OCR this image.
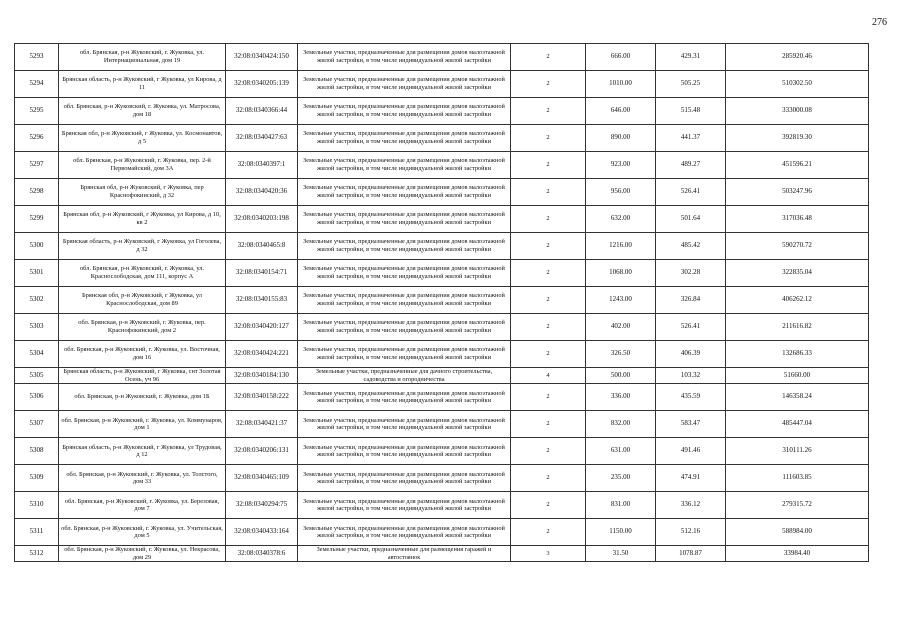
276
5293	обл. Брянская, р-н Жуковский, г. Жуковка, ул. Интернациональная, дом 19	32:08:0340424:150	Земельные участки, предназначенные для размещения домов малоэтажной жилой застройки, в том числе индивидуальной жилой застройки	2	666.00	429.31	285920.46
5294	Брянская область, р-н Жуковский, г Жуковка, ул Кирова, д 11	32:08:0340205:139	Земельные участки, предназначенные для размещения домов малоэтажной жилой застройки, в том числе индивидуальной жилой застройки	2	1010.00	505.25	510302.50
5295	обл. Брянская, р-н Жуковский, г. Жуковка, ул. Матросова, дом 18	32:08:0340366:44	Земельные участки, предназначенные для размещения домов малоэтажной жилой застройки, в том числе индивидуальной жилой застройки	2	646.00	515.48	333000.08
5296	Брянская обл, р-н Жуковский, г Жуковка, ул. Космонавтов, д 5	32:08:0340427:63	Земельные участки, предназначенные для размещения домов малоэтажной жилой застройки, в том числе индивидуальной жилой застройки	2	890.00	441.37	392819.30
5297	обл. Брянская, р-н Жуковский, г. Жуковка, пер. 2-й Первомайский, дом 3А	32:08:0340397:1	Земельные участки, предназначенные для размещения домов малоэтажной жилой застройки, в том числе индивидуальной жилой застройки	2	923.00	489.27	451596.21
5298	Брянская обл, р-н Жуковский, г Жуковка, пер Краснофокинский, д 32	32:08:0340420:36	Земельные участки, предназначенные для размещения домов малоэтажной жилой застройки, в том числе индивидуальной жилой застройки	2	956.00	526.41	503247.96
5299	Брянская обл, р-н Жуковский, г Жуковка, ул Кирова, д 10, кв 2	32:08:0340203:198	Земельные участки, предназначенные для размещения домов малоэтажной жилой застройки, в том числе индивидуальной жилой застройки	2	632.00	501.64	317036.48
5300	Брянская область, р-н Жуковский, г Жуковка, ул Гоголева, д 32	32:08:0340465:8	Земельные участки, предназначенные для размещения домов малоэтажной жилой застройки, в том числе индивидуальной жилой застройки	2	1216.00	485.42	590270.72
5301	обл. Брянская, р-н Жуковский, г. Жуковка, ул. Краснослободская, дом 111, корпус А	32:08:0340154:71	Земельные участки, предназначенные для размещения домов малоэтажной жилой застройки, в том числе индивидуальной жилой застройки	2	1068.00	302.28	322835.04
5302	Брянская обл, р-н Жуковский, г Жуковка, ул Краснослободская, дом 89	32:08:0340155:83	Земельные участки, предназначенные для размещения домов малоэтажной жилой застройки, в том числе индивидуальной жилой застройки	2	1243.00	326.84	406262.12
5303	обл. Брянская, р-н Жуковский, г. Жуковка, пер. Краснофокинский, дом 2	32:08:0340420:127	Земельные участки, предназначенные для размещения домов малоэтажной жилой застройки, в том числе индивидуальной жилой застройки	2	402.00	526.41	211616.82
5304	обл. Брянская, р-н Жуковский, г. Жуковка, ул. Восточная, дом 16	32:08:0340424:221	Земельные участки, предназначенные для размещения домов малоэтажной жилой застройки, в том числе индивидуальной жилой застройки	2	326.50	406.39	132686.33
5305	Брянская область, р-н Жуковский, г Жуковка, снт Золотая Осень, уч 96	32:08:0340184:130	Земельные участки, предназначенные для дачного строительства, садоводства и огородничества	4	500.00	103.32	51660.00
5306	обл. Брянская, р-н Жуковский, г. Жуковка, дом 1Б	32:08:0340158:222	Земельные участки, предназначенные для размещения домов малоэтажной жилой застройки, в том числе индивидуальной жилой застройки	2	336.00	435.59	146358.24
5307	обл. Брянская, р-н Жуковский, г. Жуковка, ул. Коммунаров, дом 1	32:08:0340421:37	Земельные участки, предназначенные для размещения домов малоэтажной жилой застройки, в том числе индивидуальной жилой застройки	2	832.00	583.47	485447.04
5308	Брянская область, р-н Жуковский, г Жуковка, ул Трудовая, д 12	32:08:0340206:131	Земельные участки, предназначенные для размещения домов малоэтажной жилой застройки, в том числе индивидуальной жилой застройки	2	631.00	491.46	310111.26
5309	обл. Брянская, р-н Жуковский, г. Жуковка, ул. Толстого, дом 33	32:08:0340465:109	Земельные участки, предназначенные для размещения домов малоэтажной жилой застройки, в том числе индивидуальной жилой застройки	2	235.00	474.91	111603.85
5310	обл. Брянская, р-н Жуковский, г. Жуковка, ул. Березовая, дом 7	32:08:0340294:75	Земельные участки, предназначенные для размещения домов малоэтажной жилой застройки, в том числе индивидуальной жилой застройки	2	831.00	336.12	279315.72
5311	обл. Брянская, р-н Жуковский, г. Жуковка, ул. Учительская, дом 5	32:08:0340433:164	Земельные участки, предназначенные для размещения домов малоэтажной жилой застройки, в том числе индивидуальной жилой застройки	2	1150.00	512.16	588984.00
5312	обл. Брянская, р-н Жуковский, г. Жуковка, ул. Некрасова, дом 29	32:08:0340378:6	Земельные участки, предназначенные для размещения гаражей и автостоянок	3	31.50	1078.87	33984.40
